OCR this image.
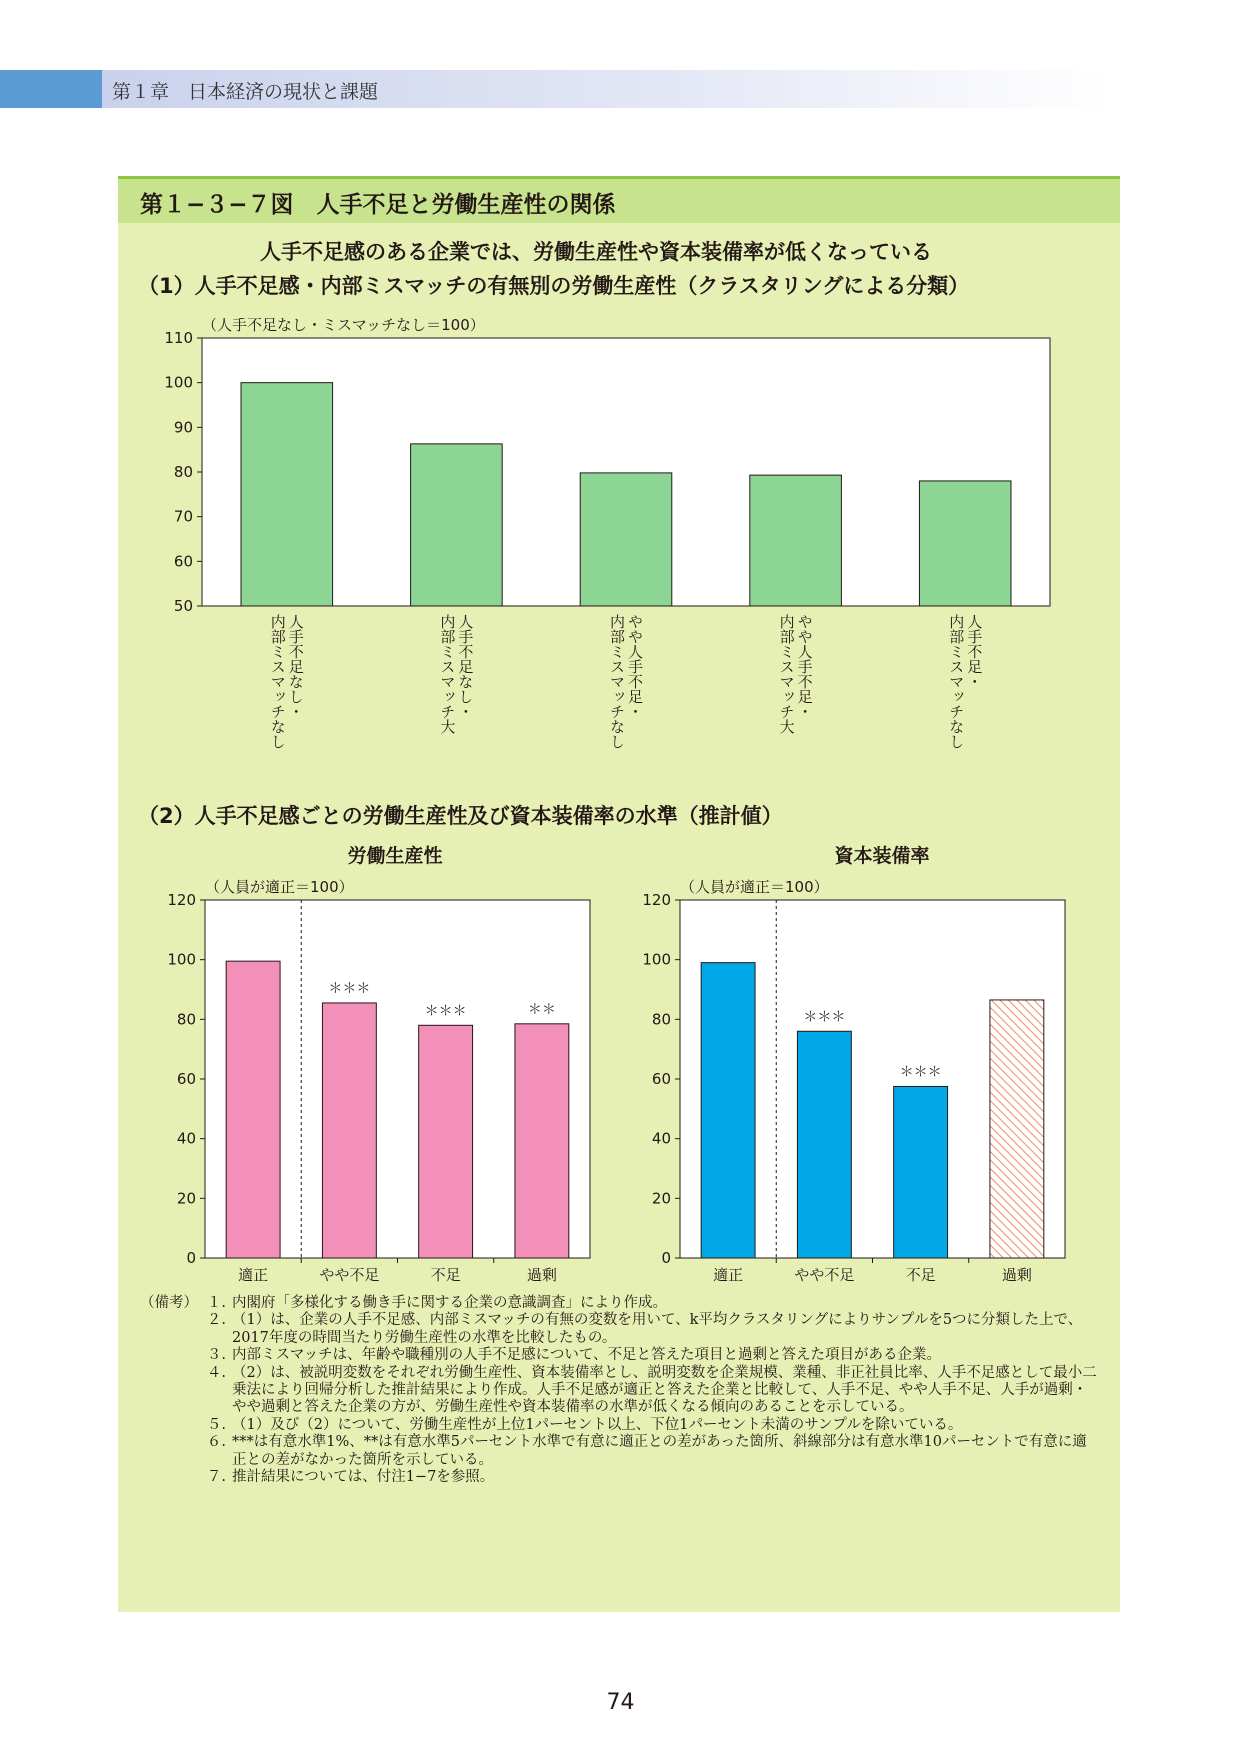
第１章　日本経済の現状と課題
第１−３−７図　人手不足と労働生産性の関係
人手不足感のある企業では、労働生産性や資本装備率が低くなっている
（1）人手不足感・内部ミスマッチの有無別の労働生産性（クラスタリングによる分類）
（2）人手不足感ごとの労働生産性及び資本装備率の水準（推計値）
（人手不足なし・ミスマッチなし＝100）
50
60
70
80
90
100
110
人手不足なし・
内部ミスマッチなし	人手不足なし・
内部ミスマッチ大	やや人手不足・
内部ミスマッチなし	やや人手不足・
内部ミスマッチ大	人手不足・
内部ミスマッチなし
労働生産性
（人員が適正＝100）
0
20
40
60
80
100
120
＊＊＊
＊＊＊	＊＊
適正	やや不足	不足	過剰
資本装備率
（人員が適正＝100）
0
20
40
60
80
100
120
＊＊＊
＊＊＊
適正	やや不足	不足	過剰
（備考） １. 内閣府「多様化する働き手に関する企業の意識調査」により作成。
２. （1）は、企業の人手不足感、内部ミスマッチの有無の変数を用いて、k平均クラスタリングによりサンプルを5つに分類した上で、2017年度の時間当たり労働生産性の水準を比較したもの。
３. 内部ミスマッチは、年齢や職種別の人手不足感について、不足と答えた項目と過剰と答えた項目がある企業。
４. （2）は、被説明変数をそれぞれ労働生産性、資本装備率とし、説明変数を企業規模、業種、非正社員比率、人手不足感として最小二乗法により回帰分析した推計結果により作成。人手不足感が適正と答えた企業と比較して、人手不足、やや人手不足、人手が過剰・やや過剰と答えた企業の方が、労働生産性や資本装備率の水準が低くなる傾向のあることを示している。
５. （1）及び（2）について、労働生産性が上位1パーセント以上、下位1パーセント未満のサンプルを除いている。
６. ***は有意水準1%、**は有意水準5パーセント水準で有意に適正との差があった箇所、斜線部分は有意水準10パーセントで有意に適正との差がなかった箇所を示している。
７. 推計結果については、付注1−7を参照。
74
